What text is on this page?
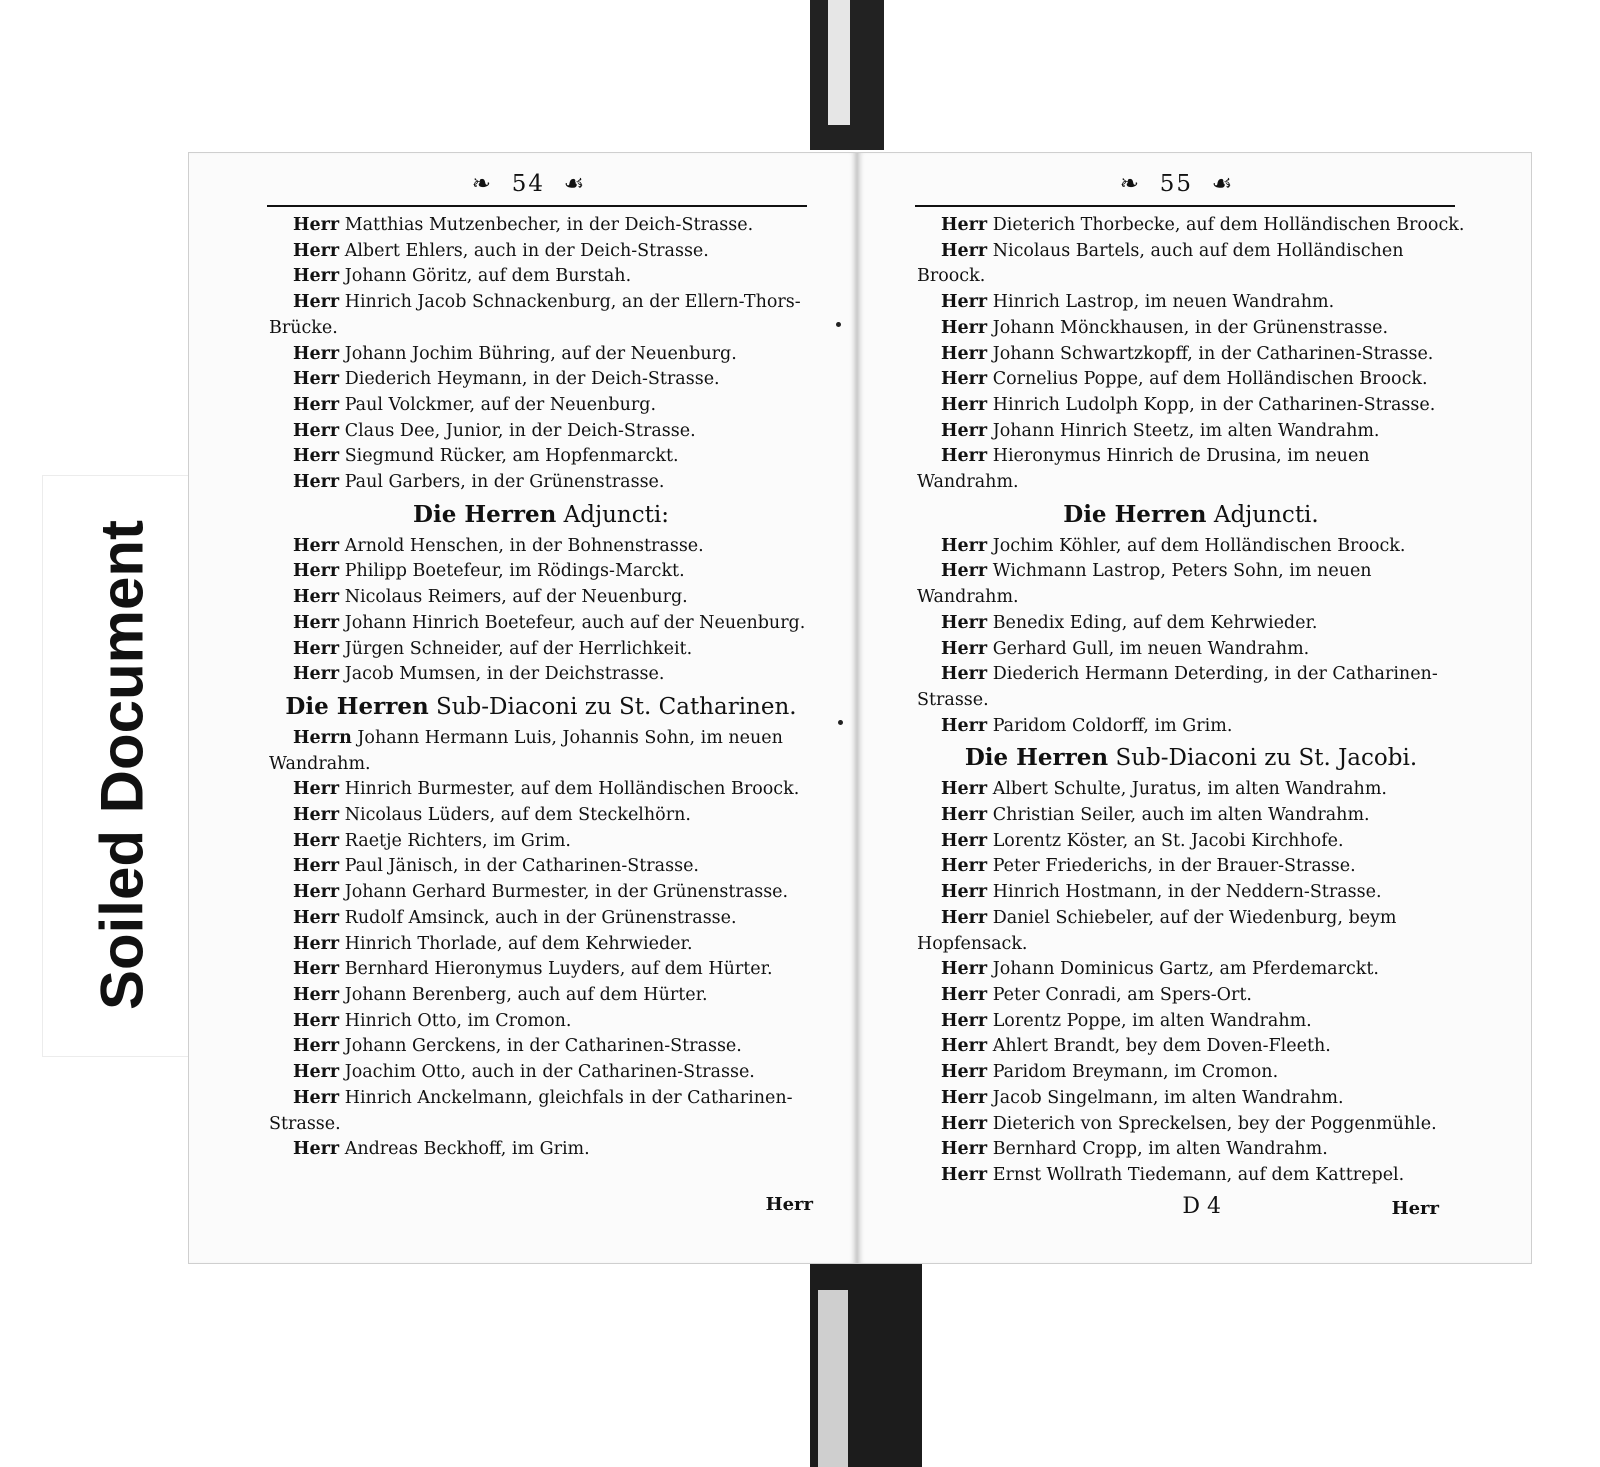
Soiled Document
❧  54  ☙

Herr Matthias Mutzenbecher, in der Deich-Strasse.

Herr Albert Ehlers, auch in der Deich-Strasse.

Herr Johann Göritz, auf dem Burstah.

Herr Hinrich Jacob Schnackenburg, an der Ellern-Thors-Brücke.

Herr Johann Jochim Bühring, auf der Neuenburg.

Herr Diederich Heymann, in der Deich-Strasse.

Herr Paul Volckmer, auf der Neuenburg.

Herr Claus Dee, Junior, in der Deich-Strasse.

Herr Siegmund Rücker, am Hopfenmarckt.

Herr Paul Garbers, in der Grünenstrasse.

Die Herren Adjuncti:

Herr Arnold Henschen, in der Bohnenstrasse.

Herr Philipp Boetefeur, im Rödings-Marckt.

Herr Nicolaus Reimers, auf der Neuenburg.

Herr Johann Hinrich Boetefeur, auch auf der Neuenburg.

Herr Jürgen Schneider, auf der Herrlichkeit.

Herr Jacob Mumsen, in der Deichstrasse.

Die Herren Sub-Diaconi zu St. Catharinen.

Herrn Johann Hermann Luis, Johannis Sohn, im neuen Wandrahm.

Herr Hinrich Burmester, auf dem Holländischen Broock.

Herr Nicolaus Lüders, auf dem Steckelhörn.

Herr Raetje Richters, im Grim.

Herr Paul Jänisch, in der Catharinen-Strasse.

Herr Johann Gerhard Burmester, in der Grünenstrasse.

Herr Rudolf Amsinck, auch in der Grünenstrasse.

Herr Hinrich Thorlade, auf dem Kehrwieder.

Herr Bernhard Hieronymus Luyders, auf dem Hürter.

Herr Johann Berenberg, auch auf dem Hürter.

Herr Hinrich Otto, im Cromon.

Herr Johann Gerckens, in der Catharinen-Strasse.

Herr Joachim Otto, auch in der Catharinen-Strasse.

Herr Hinrich Anckelmann, gleichfals in der Catharinen-Strasse.

Herr Andreas Beckhoff, im Grim.

Herr
❧  55  ☙

Herr Dieterich Thorbecke, auf dem Holländischen Broock.

Herr Nicolaus Bartels, auch auf dem Holländischen Broock.

Herr Hinrich Lastrop, im neuen Wandrahm.

Herr Johann Mönckhausen, in der Grünenstrasse.

Herr Johann Schwartzkopff, in der Catharinen-Strasse.

Herr Cornelius Poppe, auf dem Holländischen Broock.

Herr Hinrich Ludolph Kopp, in der Catharinen-Strasse.

Herr Johann Hinrich Steetz, im alten Wandrahm.

Herr Hieronymus Hinrich de Drusina, im neuen Wandrahm.

Die Herren Adjuncti.

Herr Jochim Köhler, auf dem Holländischen Broock.

Herr Wichmann Lastrop, Peters Sohn, im neuen Wandrahm.

Herr Benedix Eding, auf dem Kehrwieder.

Herr Gerhard Gull, im neuen Wandrahm.

Herr Diederich Hermann Deterding, in der Catharinen-Strasse.

Herr Paridom Coldorff, im Grim.

Die Herren Sub-Diaconi zu St. Jacobi.

Herr Albert Schulte, Juratus, im alten Wandrahm.

Herr Christian Seiler, auch im alten Wandrahm.

Herr Lorentz Köster, an St. Jacobi Kirchhofe.

Herr Peter Friederichs, in der Brauer-Strasse.

Herr Hinrich Hostmann, in der Neddern-Strasse.

Herr Daniel Schiebeler, auf der Wiedenburg, beym Hopfensack.

Herr Johann Dominicus Gartz, am Pferdemarckt.

Herr Peter Conradi, am Spers-Ort.

Herr Lorentz Poppe, im alten Wandrahm.

Herr Ahlert Brandt, bey dem Doven-Fleeth.

Herr Paridom Breymann, im Cromon.

Herr Jacob Singelmann, im alten Wandrahm.

Herr Dieterich von Spreckelsen, bey der Poggenmühle.

Herr Bernhard Cropp, im alten Wandrahm.

Herr Ernst Wollrath Tiedemann, auf dem Kattrepel.

D 4	Herr
